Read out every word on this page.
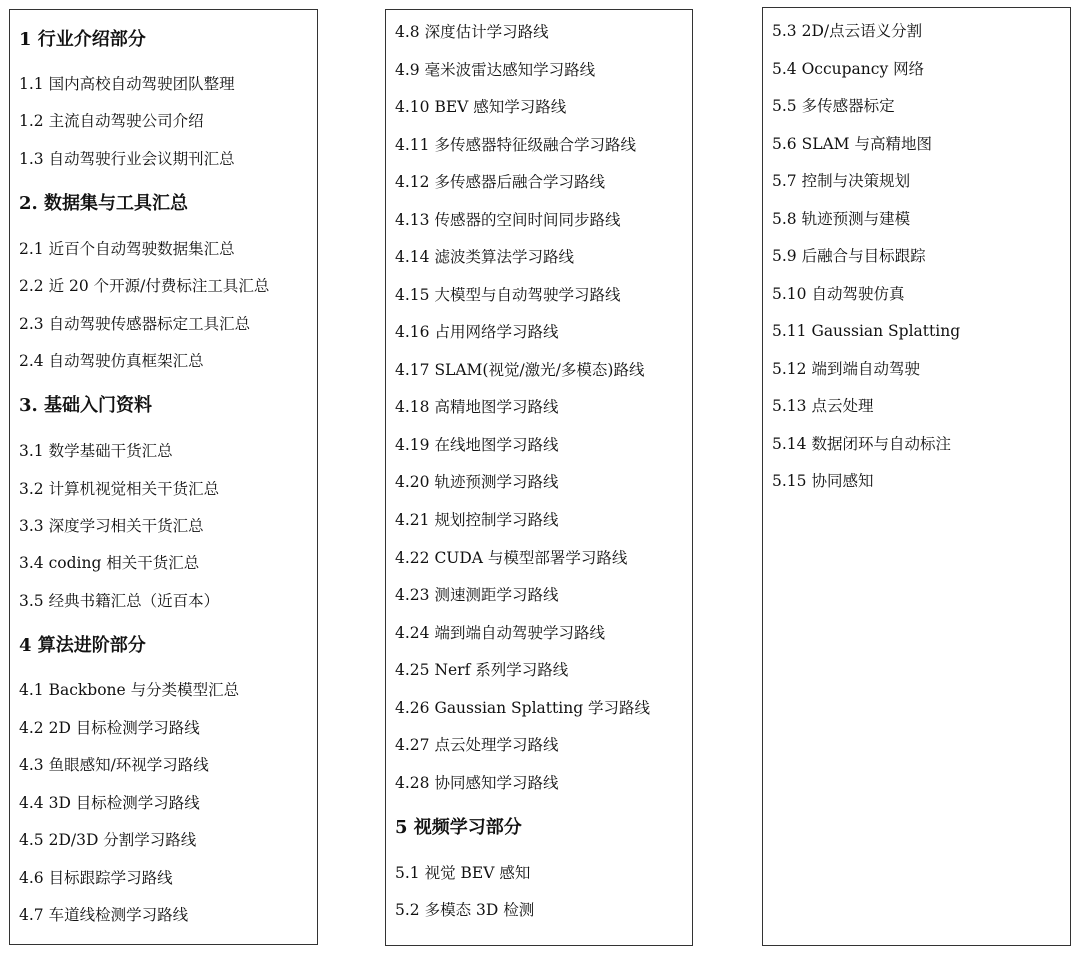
1 行业介绍部分
1.1 国内高校自动驾驶团队整理
1.2 主流自动驾驶公司介绍
1.3 自动驾驶行业会议期刊汇总
2. 数据集与工具汇总
2.1 近百个自动驾驶数据集汇总
2.2 近 20 个开源/付费标注工具汇总
2.3 自动驾驶传感器标定工具汇总
2.4 自动驾驶仿真框架汇总
3. 基础入门资料
3.1 数学基础干货汇总
3.2 计算机视觉相关干货汇总
3.3 深度学习相关干货汇总
3.4 coding 相关干货汇总
3.5 经典书籍汇总（近百本）
4 算法进阶部分
4.1 Backbone 与分类模型汇总
4.2 2D 目标检测学习路线
4.3 鱼眼感知/环视学习路线
4.4 3D 目标检测学习路线
4.5 2D/3D 分割学习路线
4.6 目标跟踪学习路线
4.7 车道线检测学习路线
4.8 深度估计学习路线
4.9 毫米波雷达感知学习路线
4.10 BEV 感知学习路线
4.11 多传感器特征级融合学习路线
4.12 多传感器后融合学习路线
4.13 传感器的空间时间同步路线
4.14 滤波类算法学习路线
4.15 大模型与自动驾驶学习路线
4.16 占用网络学习路线
4.17 SLAM(视觉/激光/多模态)路线
4.18 高精地图学习路线
4.19 在线地图学习路线
4.20 轨迹预测学习路线
4.21 规划控制学习路线
4.22 CUDA 与模型部署学习路线
4.23 测速测距学习路线
4.24 端到端自动驾驶学习路线
4.25 Nerf 系列学习路线
4.26 Gaussian Splatting 学习路线
4.27 点云处理学习路线
4.28 协同感知学习路线
5 视频学习部分
5.1 视觉 BEV 感知
5.2 多模态 3D 检测
5.3 2D/点云语义分割
5.4 Occupancy 网络
5.5 多传感器标定
5.6 SLAM 与高精地图
5.7 控制与决策规划
5.8 轨迹预测与建模
5.9 后融合与目标跟踪
5.10 自动驾驶仿真
5.11 Gaussian Splatting
5.12 端到端自动驾驶
5.13 点云处理
5.14 数据闭环与自动标注
5.15 协同感知
